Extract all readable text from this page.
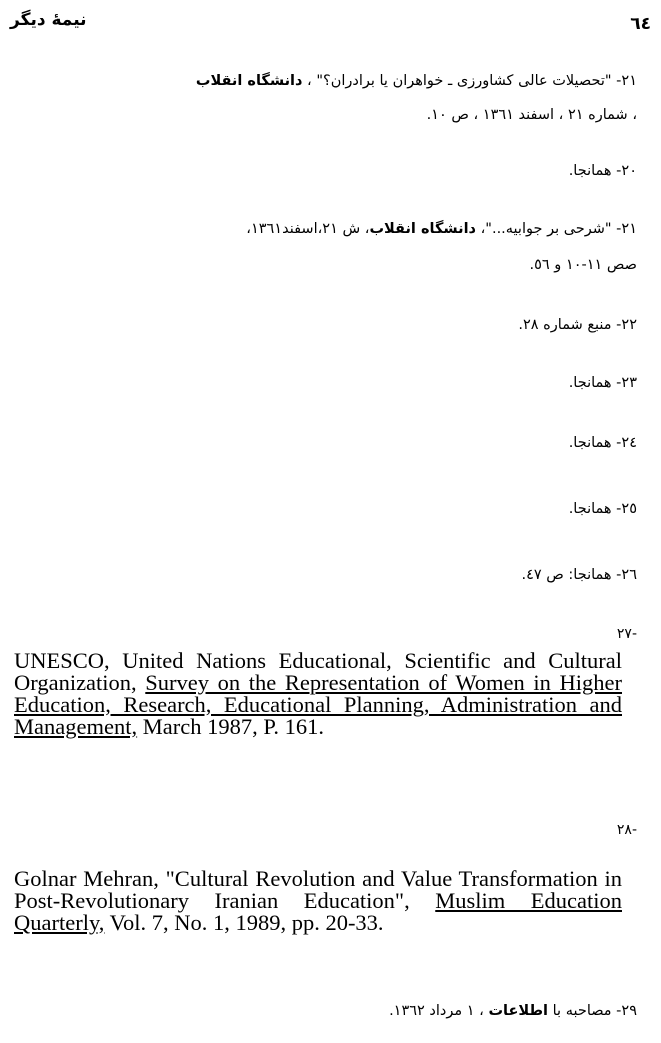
نیمهٔ دیگر	٦٤
٢١- "تحصیلات عالی کشاورزی ـ خواهران یا برادران؟" ، دانشگاه انقلاب
، شماره ٢١ ، اسفند ١٣٦١ ، ص ١٠.
٢٠- همانجا.
٢١- "شرحی بر جوابیه..."، دانشگاه انقلاب، ش ٢١،اسفند١٣٦١،
صص ١١-١٠ و ٥٦.
٢٢- منبع شماره ٢٨.
٢٣- همانجا.
٢٤- همانجا.
٢٥- همانجا.
٢٦- همانجا: ص ٤٧.
-٢٧
UNESCO, United Nations Educational, Scientific and Cultural Organization, Survey on the Representation of Women in Higher Education, Research, Educational Planning, Administration and Management, March 1987, P. 161.
-٢٨
Golnar Mehran, "Cultural Revolution and Value Transformation in Post-Revolutionary Iranian Education", Muslim Education Quarterly, Vol. 7, No. 1, 1989, pp. 20-33.
٢٩- مصاحبه با اطلاعات ، ١ مرداد ١٣٦٢.
